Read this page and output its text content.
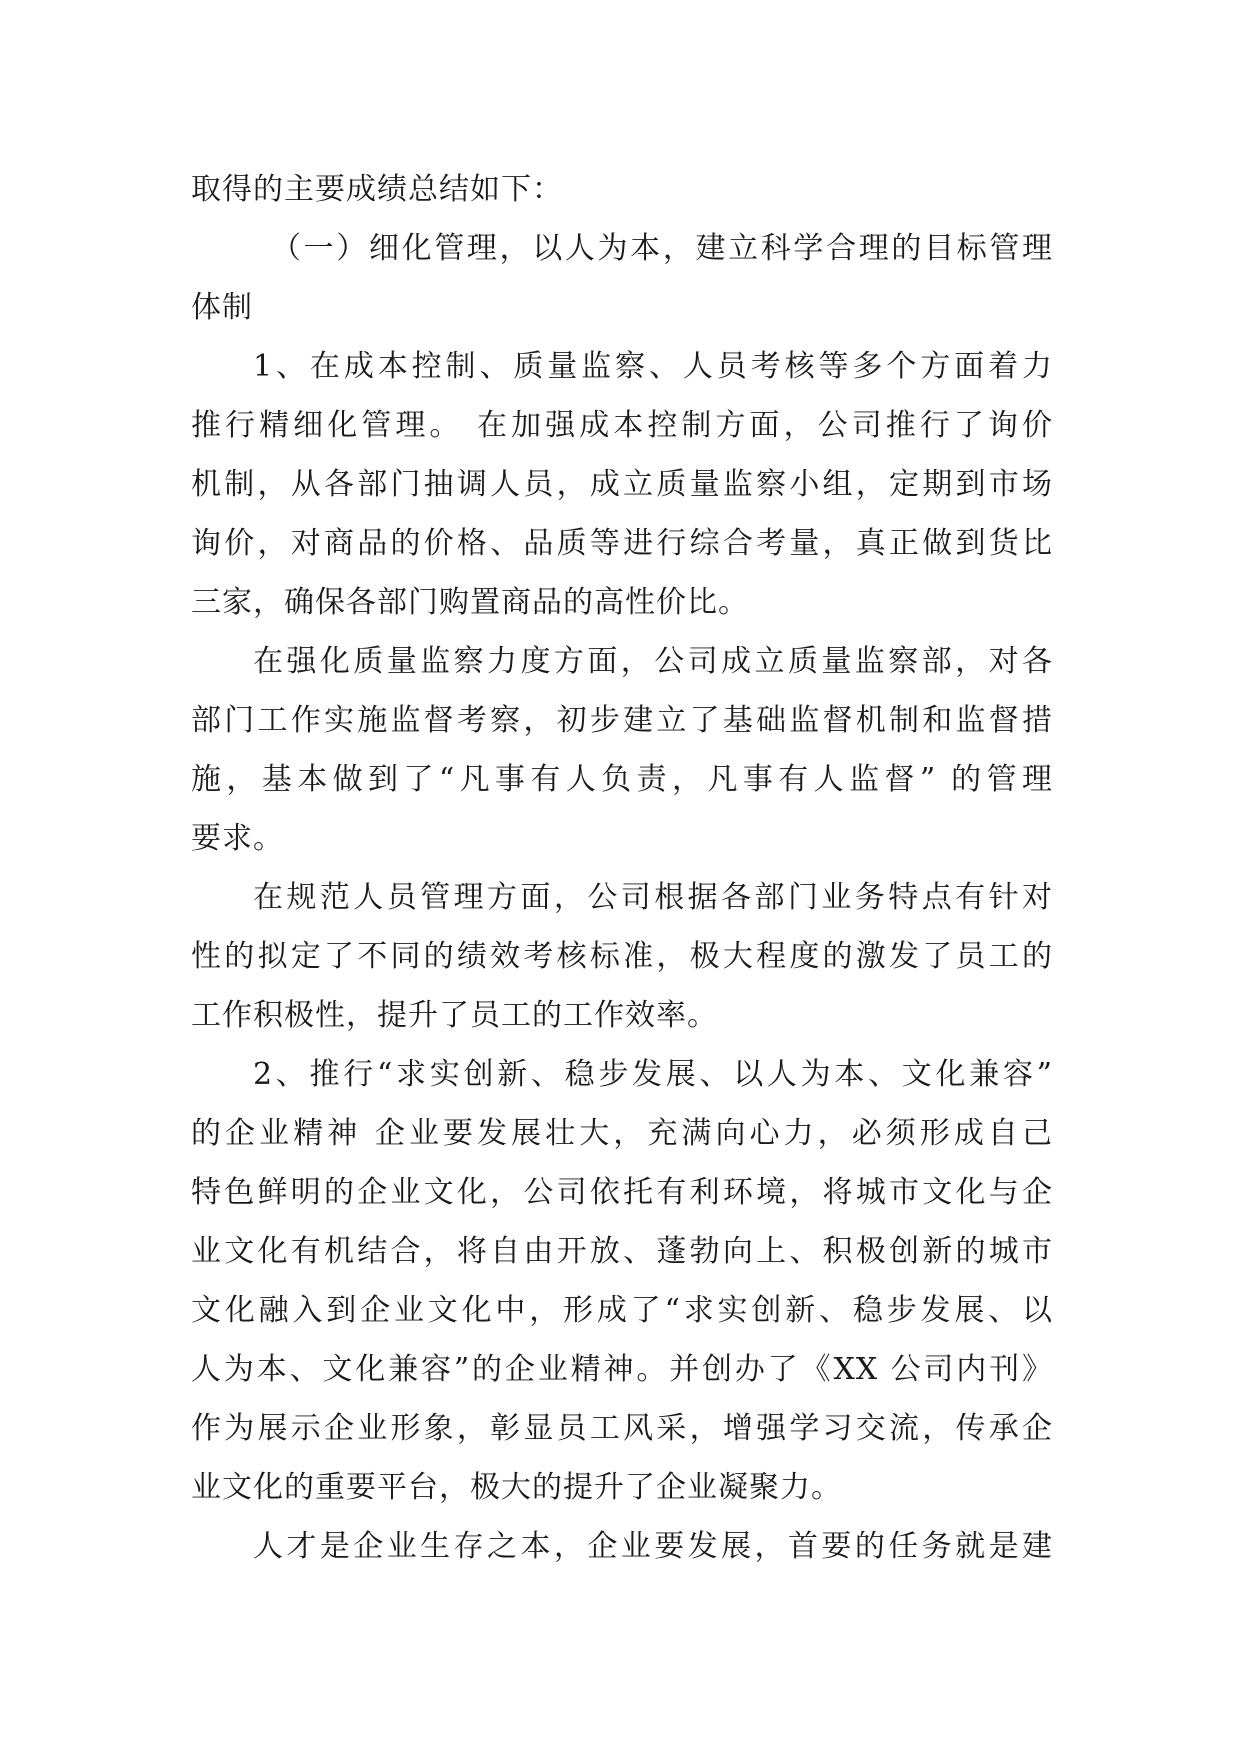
取得的主要成绩总结如下：
（一）细化管理，以人为本，建立科学合理的目标管理
体制
1、在成本控制、质量监察、人员考核等多个方面着力
推行精细化管理。 在加强成本控制方面，公司推行了询价
机制，从各部门抽调人员，成立质量监察小组，定期到市场
询价，对商品的价格、品质等进行综合考量，真正做到货比
三家，确保各部门购置商品的高性价比。
在强化质量监察力度方面，公司成立质量监察部，对各
部门工作实施监督考察，初步建立了基础监督机制和监督措
施，基本做到了“凡事有人负责，凡事有人监督” 的管理
要求。
在规范人员管理方面，公司根据各部门业务特点有针对
性的拟定了不同的绩效考核标准，极大程度的激发了员工的
工作积极性，提升了员工的工作效率。
2、推行“求实创新、稳步发展、以人为本、文化兼容”
的企业精神 企业要发展壮大，充满向心力，必须形成自己
特色鲜明的企业文化，公司依托有利环境，将城市文化与企
业文化有机结合，将自由开放、蓬勃向上、积极创新的城市
文化融入到企业文化中，形成了“求实创新、稳步发展、以
人为本、文化兼容”的企业精神。并创办了《XX 公司内刊》
作为展示企业形象，彰显员工风采，增强学习交流，传承企
业文化的重要平台，极大的提升了企业凝聚力。
人才是企业生存之本，企业要发展，首要的任务就是建
